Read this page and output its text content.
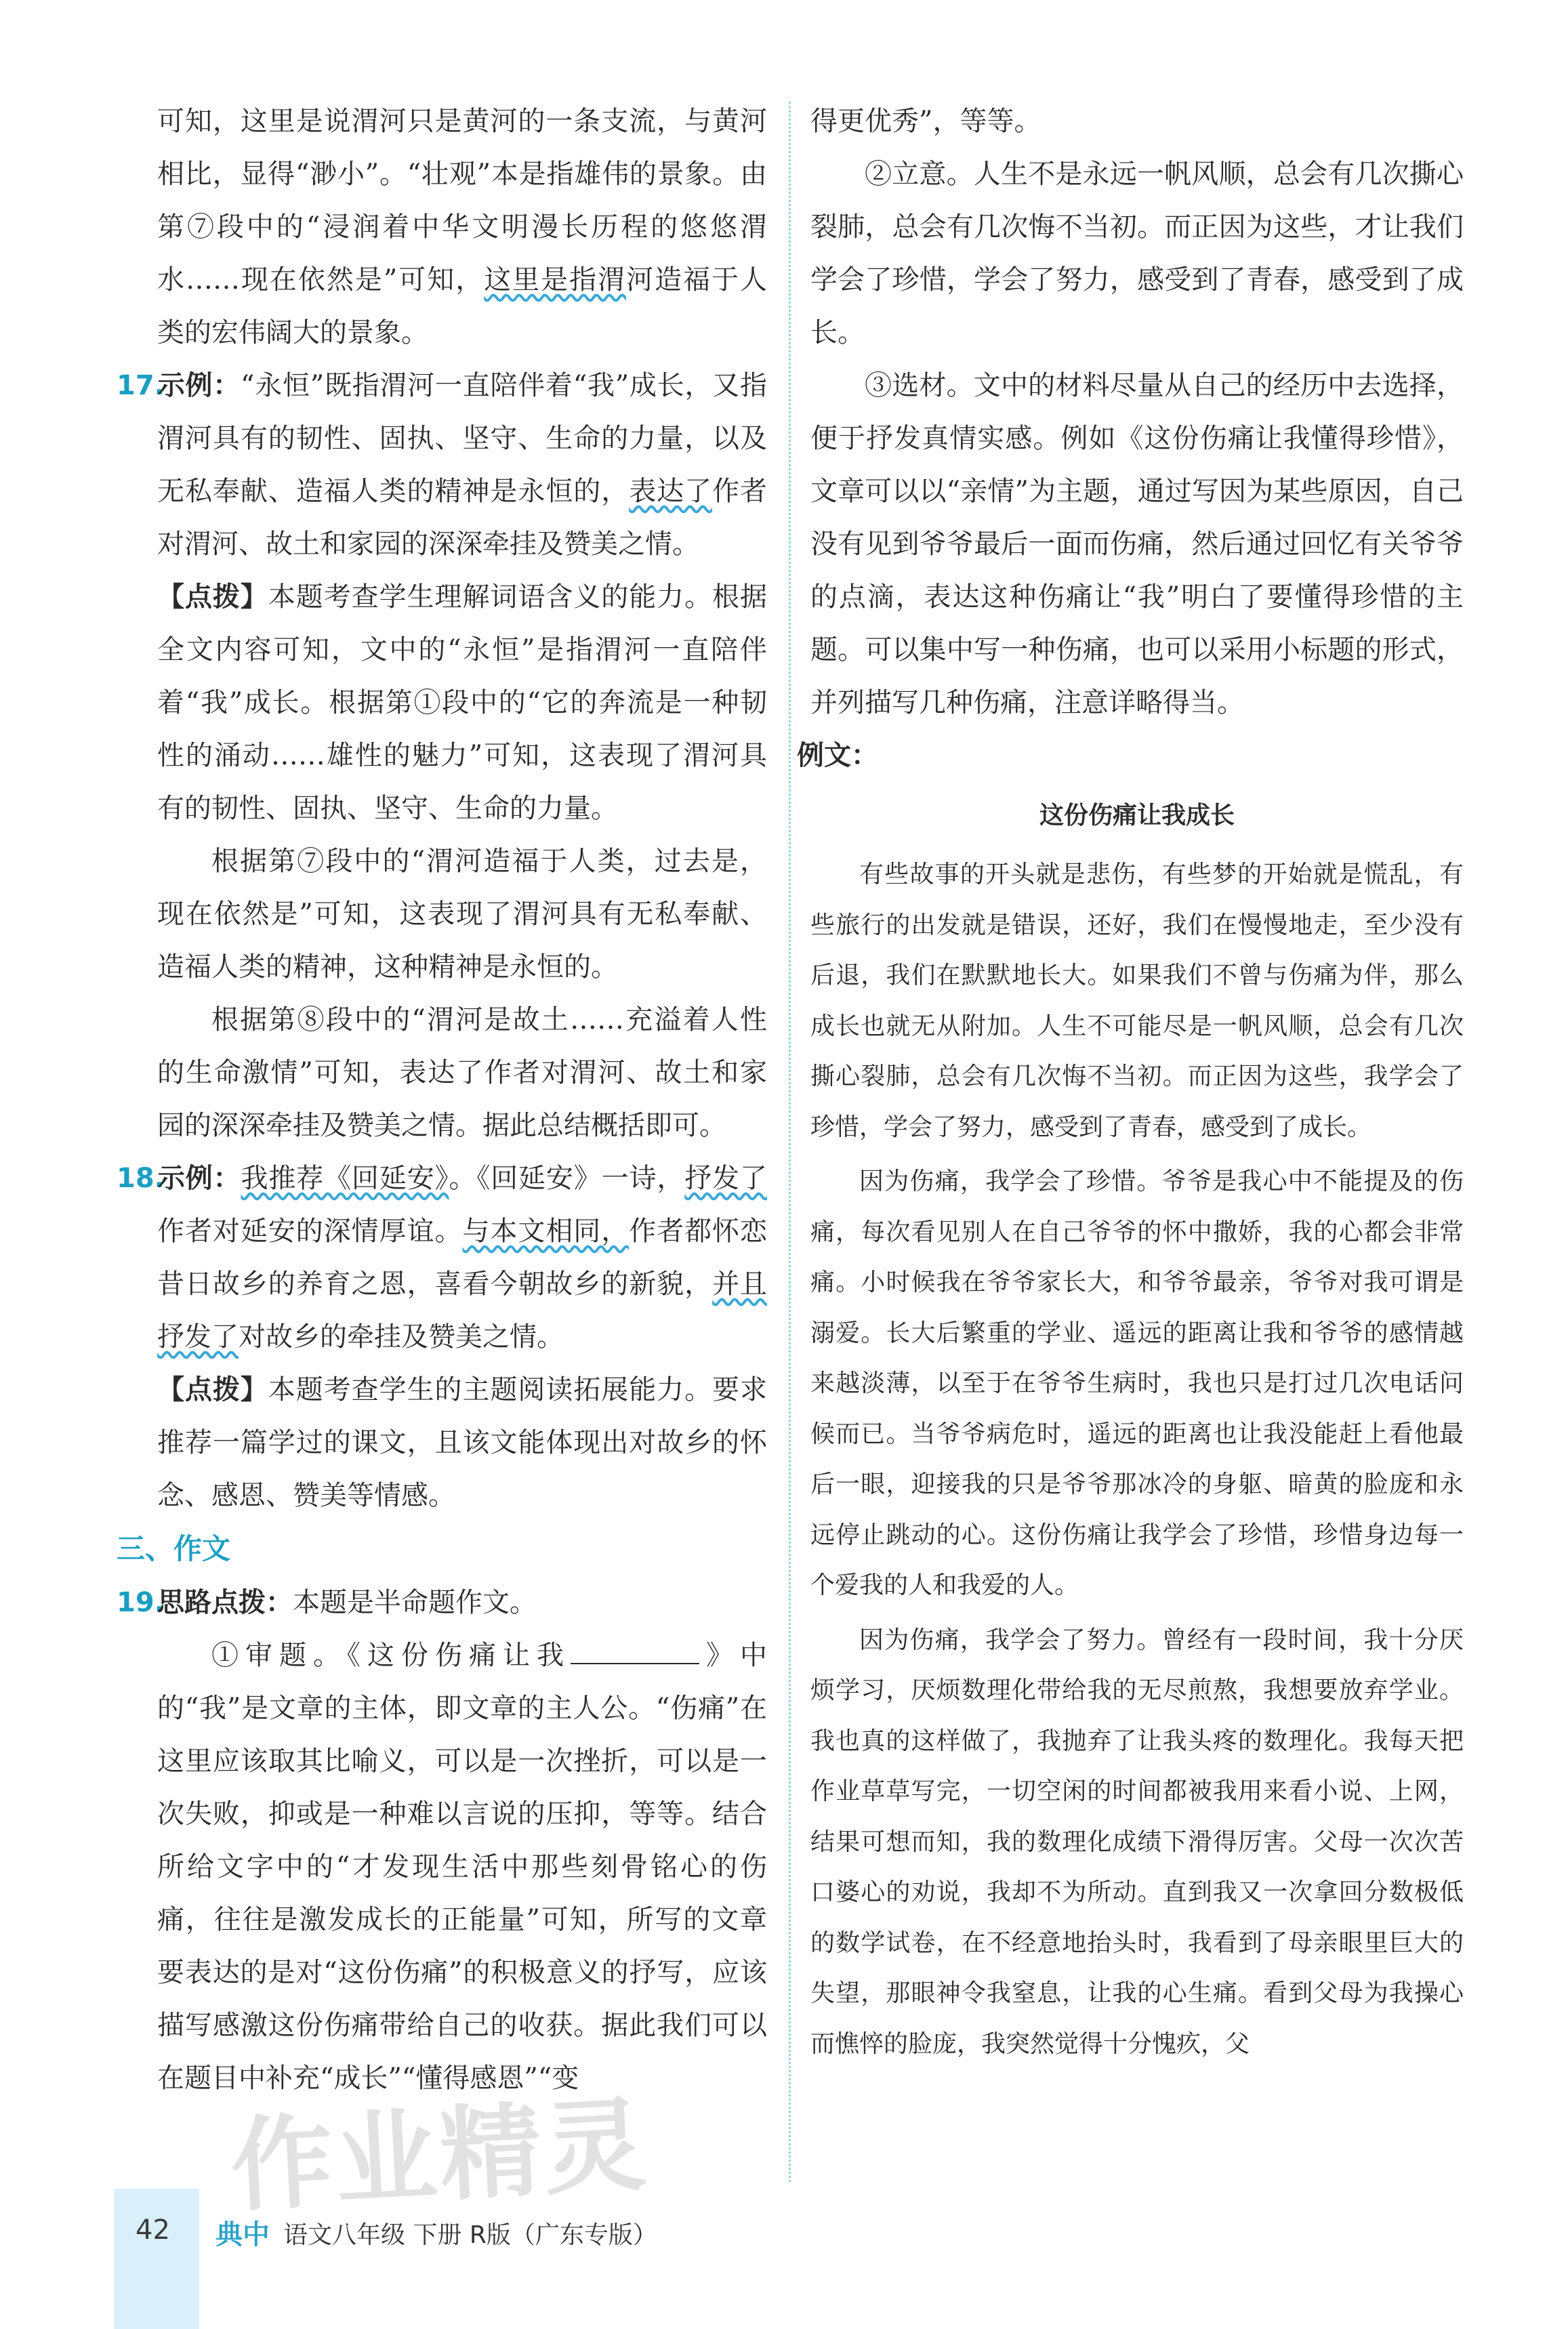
可知，这里是说渭河只是黄河的一条支流，与黄河相比，显得“渺小”。“壮观”本是指雄伟的景象。由第⑦段中的“浸润着中华文明漫长历程的悠悠渭水……现在依然是”可知，这里是指渭河造福于人类的宏伟阔大的景象。

17.示例：“永恒”既指渭河一直陪伴着“我”成长，又指渭河具有的韧性、固执、坚守、生命的力量，以及无私奉献、造福人类的精神是永恒的，表达了作者对渭河、故土和家园的深深牵挂及赞美之情。

【点拨】本题考查学生理解词语含义的能力。根据全文内容可知，文中的“永恒”是指渭河一直陪伴着“我”成长。根据第①段中的“它的奔流是一种韧性的涌动……雄性的魅力”可知，这表现了渭河具有的韧性、固执、坚守、生命的力量。

根据第⑦段中的“渭河造福于人类，过去是，现在依然是”可知，这表现了渭河具有无私奉献、造福人类的精神，这种精神是永恒的。

根据第⑧段中的“渭河是故土……充溢着人性的生命激情”可知，表达了作者对渭河、故土和家园的深深牵挂及赞美之情。据此总结概括即可。

18.示例：我推荐《回延安》。《回延安》一诗，抒发了作者对延安的深情厚谊。与本文相同，作者都怀恋昔日故乡的养育之恩，喜看今朝故乡的新貌，并且抒发了对故乡的牵挂及赞美之情。

【点拨】本题考查学生的主题阅读拓展能力。要求推荐一篇学过的课文，且该文能体现出对故乡的怀念、感恩、赞美等情感。

三、作文

19.思路点拨：本题是半命题作文。

①审题。《这份伤痛让我	》中的“我”是文章的主体，即文章的主人公。“伤痛”在这里应该取其比喻义，可以是一次挫折，可以是一次失败，抑或是一种难以言说的压抑，等等。结合所给文字中的“才发现生活中那些刻骨铭心的伤痛，往往是激发成长的正能量”可知，所写的文章要表达的是对“这份伤痛”的积极意义的抒写，应该描写感激这份伤痛带给自己的收获。据此我们可以在题目中补充“成长”“懂得感恩”“变

得更优秀”，等等。

②立意。人生不是永远一帆风顺，总会有几次撕心裂肺，总会有几次悔不当初。而正因为这些，才让我们学会了珍惜，学会了努力，感受到了青春，感受到了成长。

③选材。文中的材料尽量从自己的经历中去选择，便于抒发真情实感。例如《这份伤痛让我懂得珍惜》，文章可以以“亲情”为主题，通过写因为某些原因，自己没有见到爷爷最后一面而伤痛，然后通过回忆有关爷爷的点滴，表达这种伤痛让“我”明白了要懂得珍惜的主题。可以集中写一种伤痛，也可以采用小标题的形式，并列描写几种伤痛，注意详略得当。

例文：
这份伤痛让我成长

有些故事的开头就是悲伤，有些梦的开始就是慌乱，有些旅行的出发就是错误，还好，我们在慢慢地走，至少没有后退，我们在默默地长大。如果我们不曾与伤痛为伴，那么成长也就无从附加。人生不可能尽是一帆风顺，总会有几次撕心裂肺，总会有几次悔不当初。而正因为这些，我学会了珍惜，学会了努力，感受到了青春，感受到了成长。

因为伤痛，我学会了珍惜。爷爷是我心中不能提及的伤痛，每次看见别人在自己爷爷的怀中撒娇，我的心都会非常痛。小时候我在爷爷家长大，和爷爷最亲，爷爷对我可谓是溺爱。长大后繁重的学业、遥远的距离让我和爷爷的感情越来越淡薄，以至于在爷爷生病时，我也只是打过几次电话问候而已。当爷爷病危时，遥远的距离也让我没能赶上看他最后一眼，迎接我的只是爷爷那冰冷的身躯、暗黄的脸庞和永远停止跳动的心。这份伤痛让我学会了珍惜，珍惜身边每一个爱我的人和我爱的人。

因为伤痛，我学会了努力。曾经有一段时间，我十分厌烦学习，厌烦数理化带给我的无尽煎熬，我想要放弃学业。我也真的这样做了，我抛弃了让我头疼的数理化。我每天把作业草草写完，一切空闲的时间都被我用来看小说、上网，结果可想而知，我的数理化成绩下滑得厉害。父母一次次苦口婆心的劝说，我却不为所动。直到我又一次拿回分数极低的数学试卷，在不经意地抬头时，我看到了母亲眼里巨大的失望，那眼神令我窒息，让我的心生痛。看到父母为我操心而憔悴的脸庞，我突然觉得十分愧疚，父

作业精灵
42 典中 语文八年级 下册 R版（广东专版）
